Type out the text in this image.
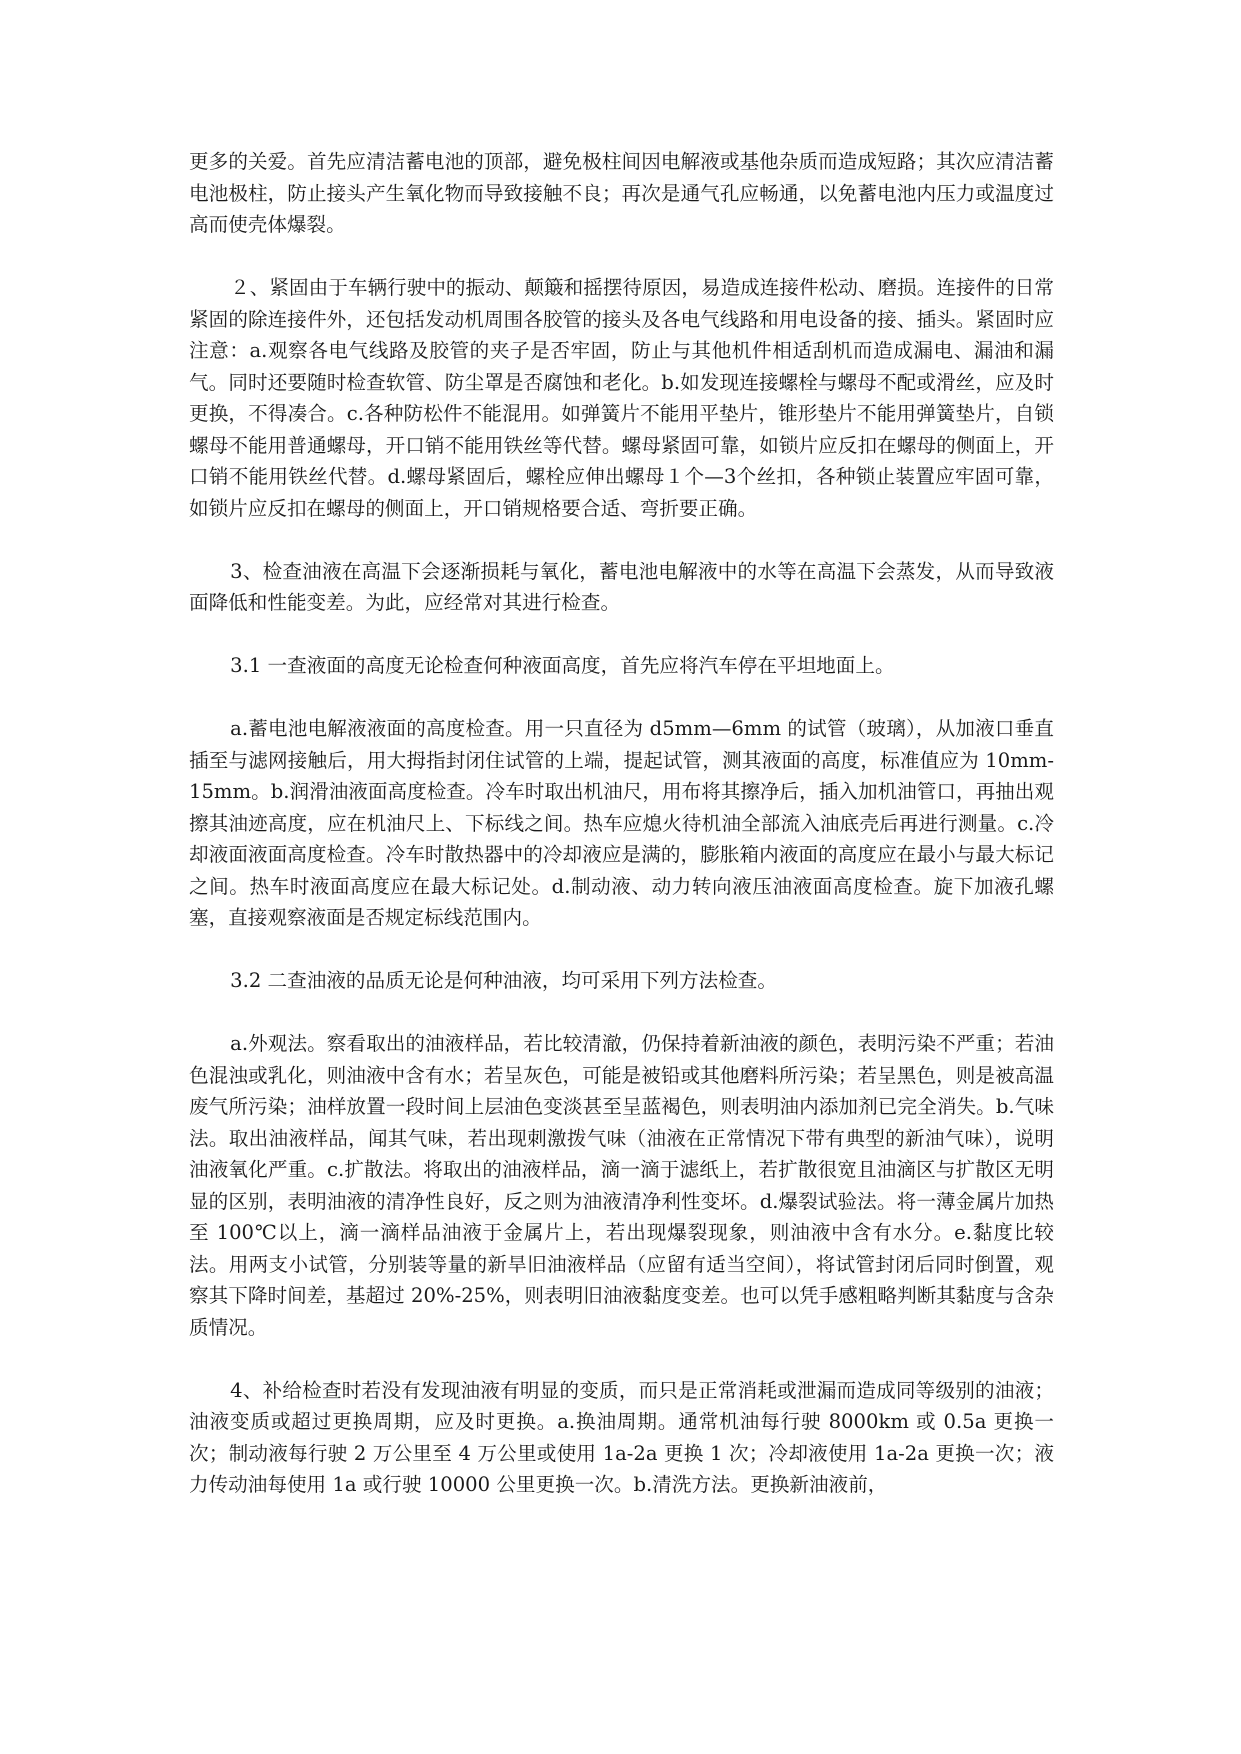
更多的关爱。首先应清洁蓄电池的顶部，避免极柱间因电解液或基他杂质而造成短路；其次应清洁蓄电池极柱，防止接头产生氧化物而导致接触不良；再次是通气孔应畅通，以免蓄电池内压力或温度过高而使壳体爆裂。

２、紧固由于车辆行驶中的振动、颠簸和摇摆待原因，易造成连接件松动、磨损。连接件的日常紧固的除连接件外，还包括发动机周围各胶管的接头及各电气线路和用电设备的接、插头。紧固时应注意：a.观察各电气线路及胶管的夹子是否牢固，防止与其他机件相适刮机而造成漏电、漏油和漏气。同时还要随时检查软管、防尘罩是否腐蚀和老化。b.如发现连接螺栓与螺母不配或滑丝，应及时更换，不得凑合。c.各种防松件不能混用。如弹簧片不能用平垫片，锥形垫片不能用弹簧垫片，自锁螺母不能用普通螺母，开口销不能用铁丝等代替。螺母紧固可靠，如锁片应反扣在螺母的侧面上，开口销不能用铁丝代替。d.螺母紧固后，螺栓应伸出螺母１个—3个丝扣，各种锁止装置应牢固可靠，如锁片应反扣在螺母的侧面上，开口销规格要合适、弯折要正确。

3、检查油液在高温下会逐渐损耗与氧化，蓄电池电解液中的水等在高温下会蒸发，从而导致液面降低和性能变差。为此，应经常对其进行检查。

3.1 一查液面的高度无论检查何种液面高度，首先应将汽车停在平坦地面上。

a.蓄电池电解液液面的高度检查。用一只直径为 d5mm—6mm 的试管（玻璃），从加液口垂直插至与滤网接触后，用大拇指封闭住试管的上端，提起试管，测其液面的高度，标准值应为 10mm-15mm。b.润滑油液面高度检查。冷车时取出机油尺，用布将其擦净后，插入加机油管口，再抽出观擦其油迹高度，应在机油尺上、下标线之间。热车应熄火待机油全部流入油底壳后再进行测量。c.冷却液面液面高度检查。冷车时散热器中的冷却液应是满的，膨胀箱内液面的高度应在最小与最大标记之间。热车时液面高度应在最大标记处。d.制动液、动力转向液压油液面高度检查。旋下加液孔螺塞，直接观察液面是否规定标线范围内。

3.2 二查油液的品质无论是何种油液，均可采用下列方法检查。

a.外观法。察看取出的油液样品，若比较清澈，仍保持着新油液的颜色，表明污染不严重；若油色混浊或乳化，则油液中含有水；若呈灰色，可能是被铅或其他磨料所污染；若呈黑色，则是被高温废气所污染；油样放置一段时间上层油色变淡甚至呈蓝褐色，则表明油内添加剂已完全消失。b.气味法。取出油液样品，闻其气味，若出现刺激拨气味（油液在正常情况下带有典型的新油气味），说明油液氧化严重。c.扩散法。将取出的油液样品，滴一滴于滤纸上，若扩散很宽且油滴区与扩散区无明显的区别，表明油液的清净性良好，反之则为油液清净利性变坏。d.爆裂试验法。将一薄金属片加热至 100℃以上，滴一滴样品油液于金属片上，若出现爆裂现象，则油液中含有水分。e.黏度比较法。用两支小试管，分别装等量的新旱旧油液样品（应留有适当空间），将试管封闭后同时倒置，观察其下降时间差，基超过 20%-25%，则表明旧油液黏度变差。也可以凭手感粗略判断其黏度与含杂质情况。

4、补给检查时若没有发现油液有明显的变质，而只是正常消耗或泄漏而造成同等级别的油液；油液变质或超过更换周期，应及时更换。a.换油周期。通常机油每行驶 8000km 或 0.5a 更换一次；制动液每行驶 2 万公里至 4 万公里或使用 1a-2a 更换 1 次；冷却液使用 1a-2a 更换一次；液力传动油每使用 1a 或行驶 10000 公里更换一次。b.清洗方法。更换新油液前，
